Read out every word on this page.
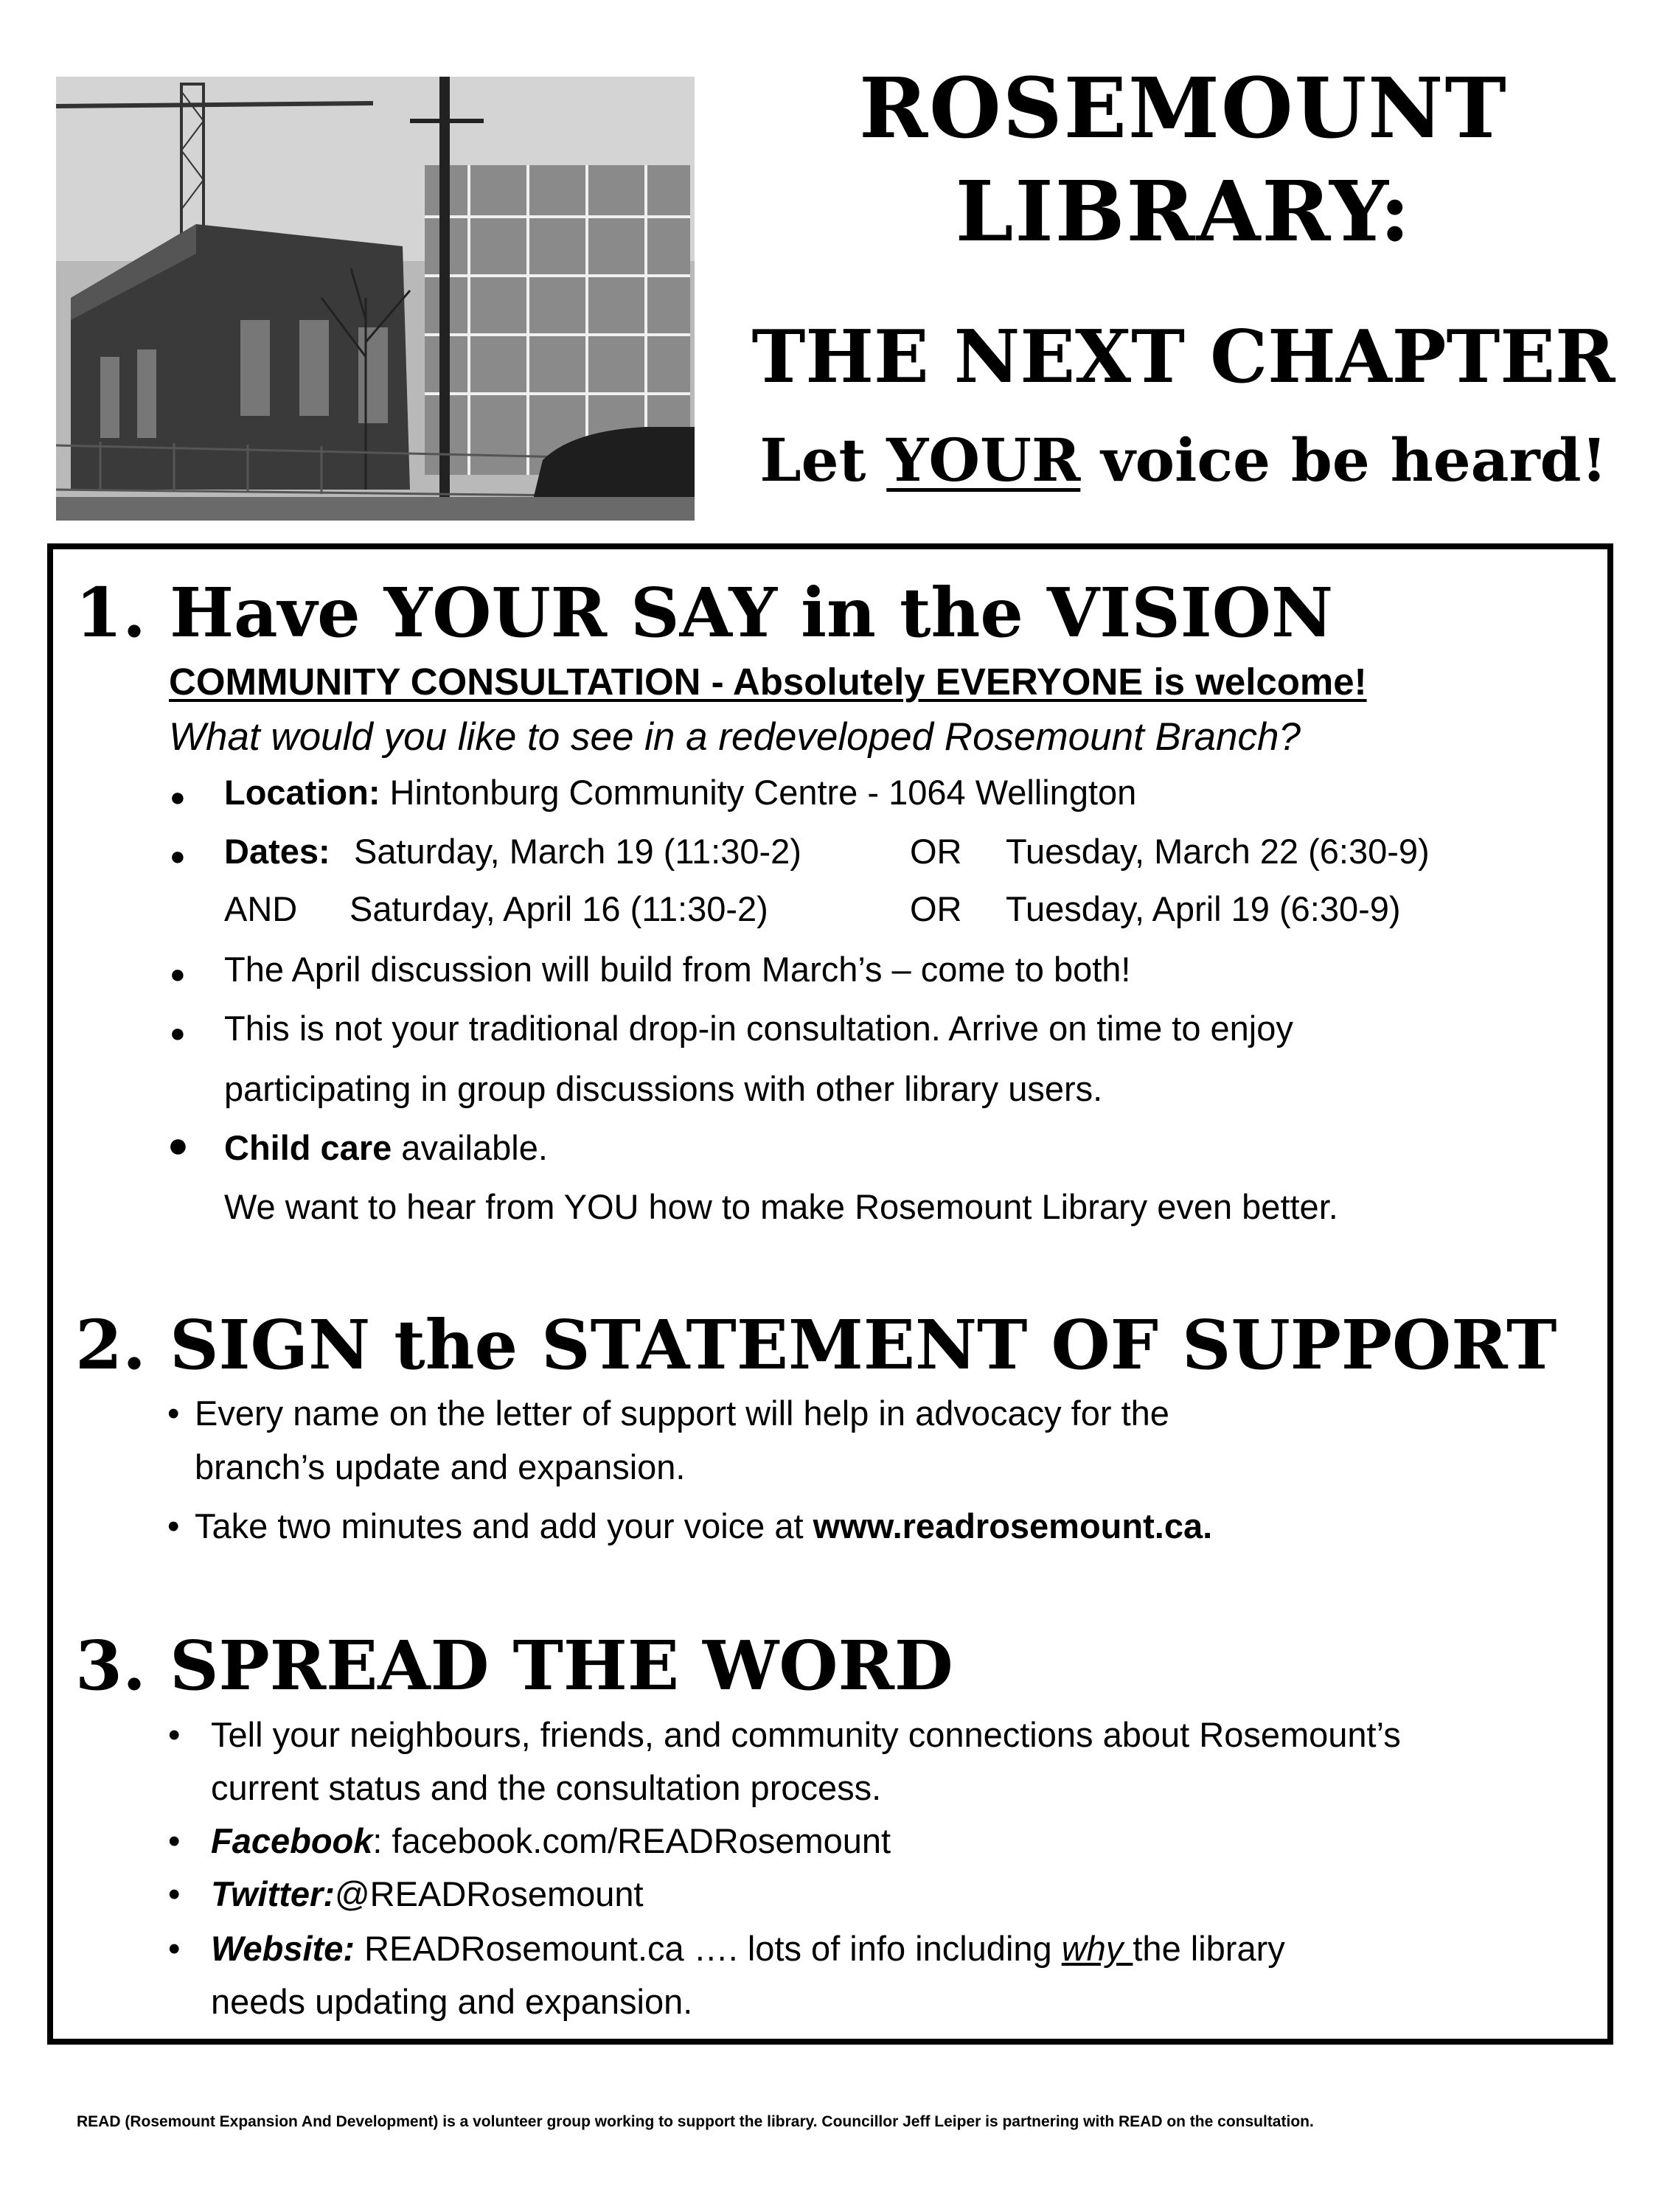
ROSEMOUNT
LIBRARY:
THE NEXT CHAPTER
Let YOUR voice be heard!
1. Have YOUR SAY in the VISION
COMMUNITY CONSULTATION - Absolutely EVERYONE is welcome!
What would you like to see in a redeveloped Rosemount Branch?
● Location: Hintonburg Community Centre - 1064 Wellington
● Dates: Saturday, March 19 (11:30-2)	OR Tuesday, March 22 (6:30-9)
AND Saturday, April 16 (11:30-2)	OR Tuesday, April 19 (6:30-9)
● The April discussion will build from March’s – come to both!
● This is not your traditional drop-in consultation. Arrive on time to enjoy
participating in group discussions with other library users.
● Child care available.
We want to hear from YOU how to make Rosemount Library even better.
2. SIGN the STATEMENT OF SUPPORT
• Every name on the letter of support will help in advocacy for the
branch’s update and expansion.
• Take two minutes and add your voice at www.readrosemount.ca.
3. SPREAD THE WORD
• Tell your neighbours, friends, and community connections about Rosemount’s
current status and the consultation process.
• Facebook: facebook.com/READRosemount
• Twitter:@READRosemount
• Website: READRosemount.ca …. lots of info including why the library
needs updating and expansion.
READ (Rosemount Expansion And Development) is a volunteer group working to support the library. Councillor Jeff Leiper is partnering with READ on the consultation.
